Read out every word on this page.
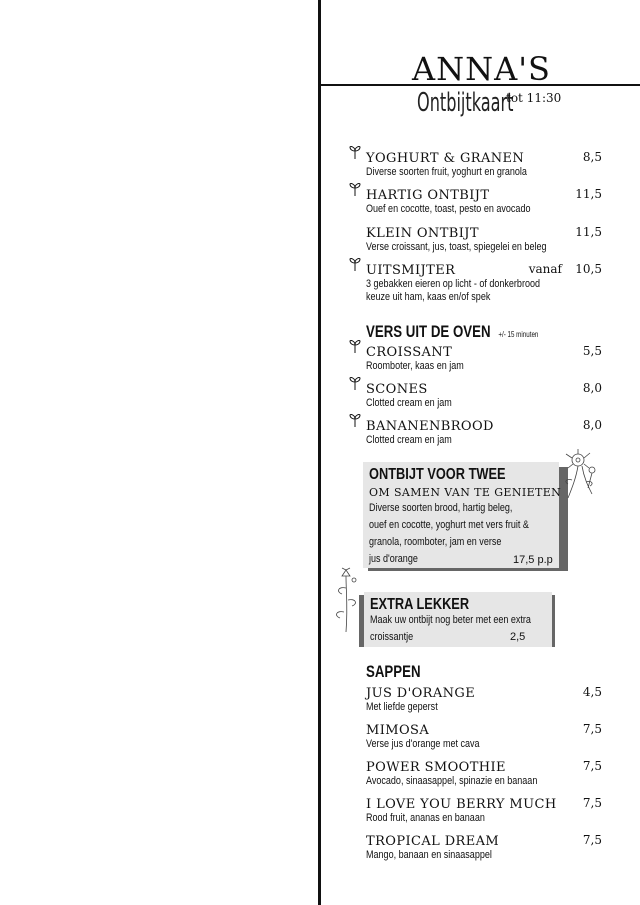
ANNA'S
Ontbijtkaart
tot 11:30
YOGHURT & GRANEN
Diverse soorten fruit, yoghurt en granola
8,5
HARTIG ONTBIJT
Ouef en cocotte, toast, pesto en avocado
11,5
KLEIN ONTBIJT
Verse croissant, jus, toast, spiegelei en beleg
11,5
UITSMIJTER
3 gebakken eieren op licht - of donkerbrood
keuze uit ham, kaas en/of spek
vanaf 10,5
VERS UIT DE OVEN +/- 15 minuten
CROISSANT
Roomboter, kaas en jam
5,5
SCONES
Clotted cream en jam
8,0
BANANENBROOD
Clotted cream en jam
8,0
ONTBIJT VOOR TWEE
OM SAMEN VAN TE GENIETEN
Diverse soorten brood, hartig beleg,
ouef en cocotte, yoghurt met vers fruit &
granola, roomboter, jam en verse
jus d'orange	17,5 p.p
EXTRA LEKKER
Maak uw ontbijt nog beter met een extra
croissantje	2,5
SAPPEN
JUS D'ORANGE
Met liefde geperst
4,5
MIMOSA
Verse jus d'orange met cava
7,5
POWER SMOOTHIE
Avocado, sinaasappel, spinazie en banaan
7,5
I LOVE YOU BERRY MUCH
Rood fruit, ananas en banaan
7,5
TROPICAL DREAM
Mango, banaan en sinaasappel
7,5
